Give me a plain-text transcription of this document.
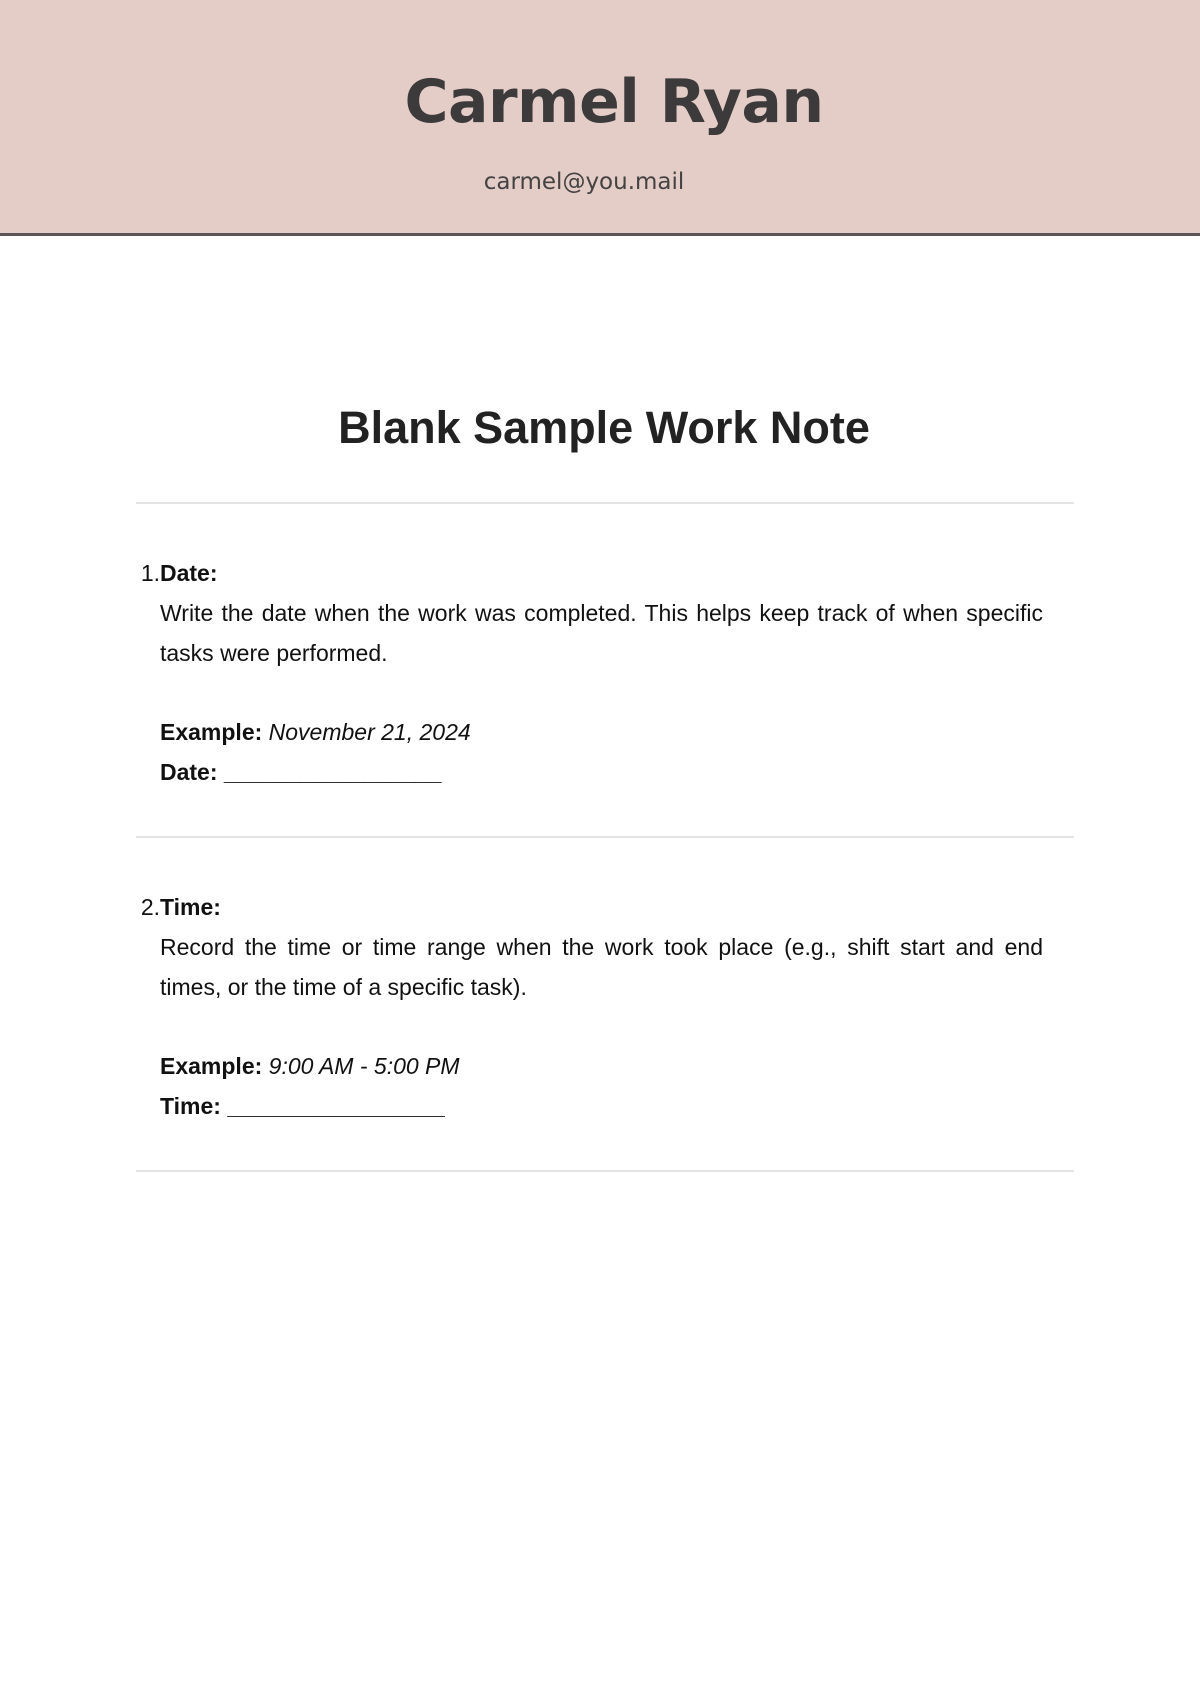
Carmel Ryan
carmel@you.mail
Blank Sample Work Note
1. Date:

Write the date when the work was completed. This helps keep track of when specific tasks were performed.

Example: November 21, 2024
Date: _________________
2. Time:

Record the time or time range when the work took place (e.g., shift start and end times, or the time of a specific task).

Example: 9:00 AM - 5:00 PM
Time: _________________
